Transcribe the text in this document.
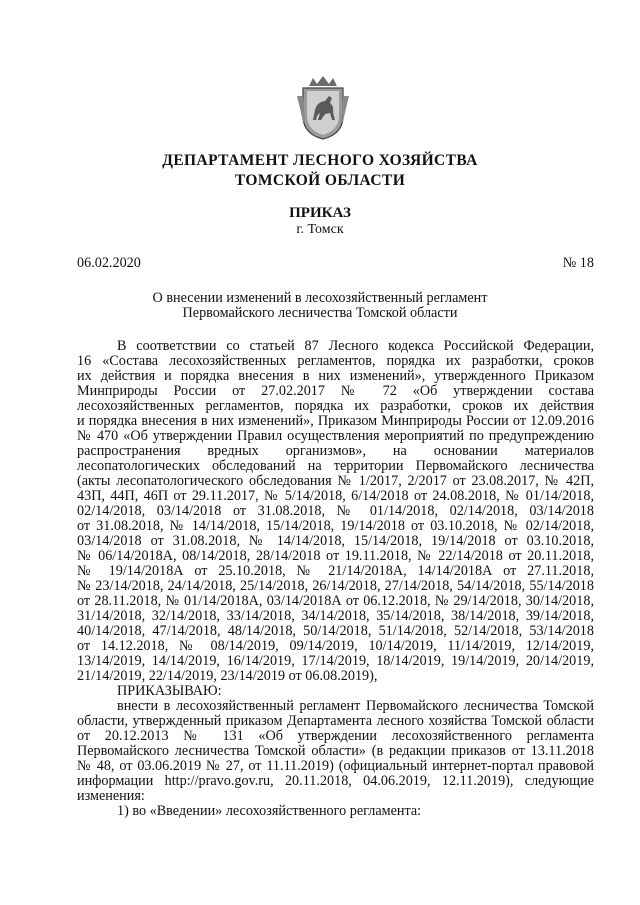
ДЕПАРТАМЕНТ ЛЕСНОГО ХОЗЯЙСТВА
ТОМСКОЙ ОБЛАСТИ
ПРИКАЗ
г. Томск
06.02.2020	№ 18
О внесении изменений в лесохозяйственный регламент
Первомайского лесничества Томской области
В соответствии со статьей 87 Лесного кодекса Российской Федерации,
16 «Состава лесохозяйственных регламентов, порядка их разработки, сроков
их действия и порядка внесения в них изменений», утвержденного Приказом
Минприроды России от 27.02.2017 № 72 «Об утверждении состава
лесохозяйственных регламентов, порядка их разработки, сроков их действия
и порядка внесения в них изменений», Приказом Минприроды России от 12.09.2016
№ 470 «Об утверждении Правил осуществления мероприятий по предупреждению
распространения вредных организмов», на основании материалов
лесопатологических обследований на территории Первомайского лесничества
(акты лесопатологического обследования № 1/2017, 2/2017 от 23.08.2017, № 42П,
43П, 44П, 46П от 29.11.2017, № 5/14/2018, 6/14/2018 от 24.08.2018, № 01/14/2018,
02/14/2018, 03/14/2018 от 31.08.2018, № 01/14/2018, 02/14/2018, 03/14/2018
от 31.08.2018, № 14/14/2018, 15/14/2018, 19/14/2018 от 03.10.2018, № 02/14/2018,
03/14/2018 от 31.08.2018, № 14/14/2018, 15/14/2018, 19/14/2018 от 03.10.2018,
№ 06/14/2018А, 08/14/2018, 28/14/2018 от 19.11.2018, № 22/14/2018 от 20.11.2018,
№ 19/14/2018А от 25.10.2018, № 21/14/2018А, 14/14/2018А от 27.11.2018,
№ 23/14/2018, 24/14/2018, 25/14/2018, 26/14/2018, 27/14/2018, 54/14/2018, 55/14/2018
от 28.11.2018, № 01/14/2018А, 03/14/2018А от 06.12.2018, № 29/14/2018, 30/14/2018,
31/14/2018, 32/14/2018, 33/14/2018, 34/14/2018, 35/14/2018, 38/14/2018, 39/14/2018,
40/14/2018, 47/14/2018, 48/14/2018, 50/14/2018, 51/14/2018, 52/14/2018, 53/14/2018
от 14.12.2018, № 08/14/2019, 09/14/2019, 10/14/2019, 11/14/2019, 12/14/2019,
13/14/2019, 14/14/2019, 16/14/2019, 17/14/2019, 18/14/2019, 19/14/2019, 20/14/2019,
21/14/2019, 22/14/2019, 23/14/2019 от 06.08.2019),
ПРИКАЗЫВАЮ:
внести в лесохозяйственный регламент Первомайского лесничества Томской
области, утвержденный приказом Департамента лесного хозяйства Томской области
от 20.12.2013 № 131 «Об утверждении лесохозяйственного регламента
Первомайского лесничества Томской области» (в редакции приказов от 13.11.2018
№ 48, от 03.06.2019 № 27, от 11.11.2019) (официальный интернет-портал правовой
информации http://pravo.gov.ru, 20.11.2018, 04.06.2019, 12.11.2019), следующие
изменения:
1) во «Введении» лесохозяйственного регламента:
